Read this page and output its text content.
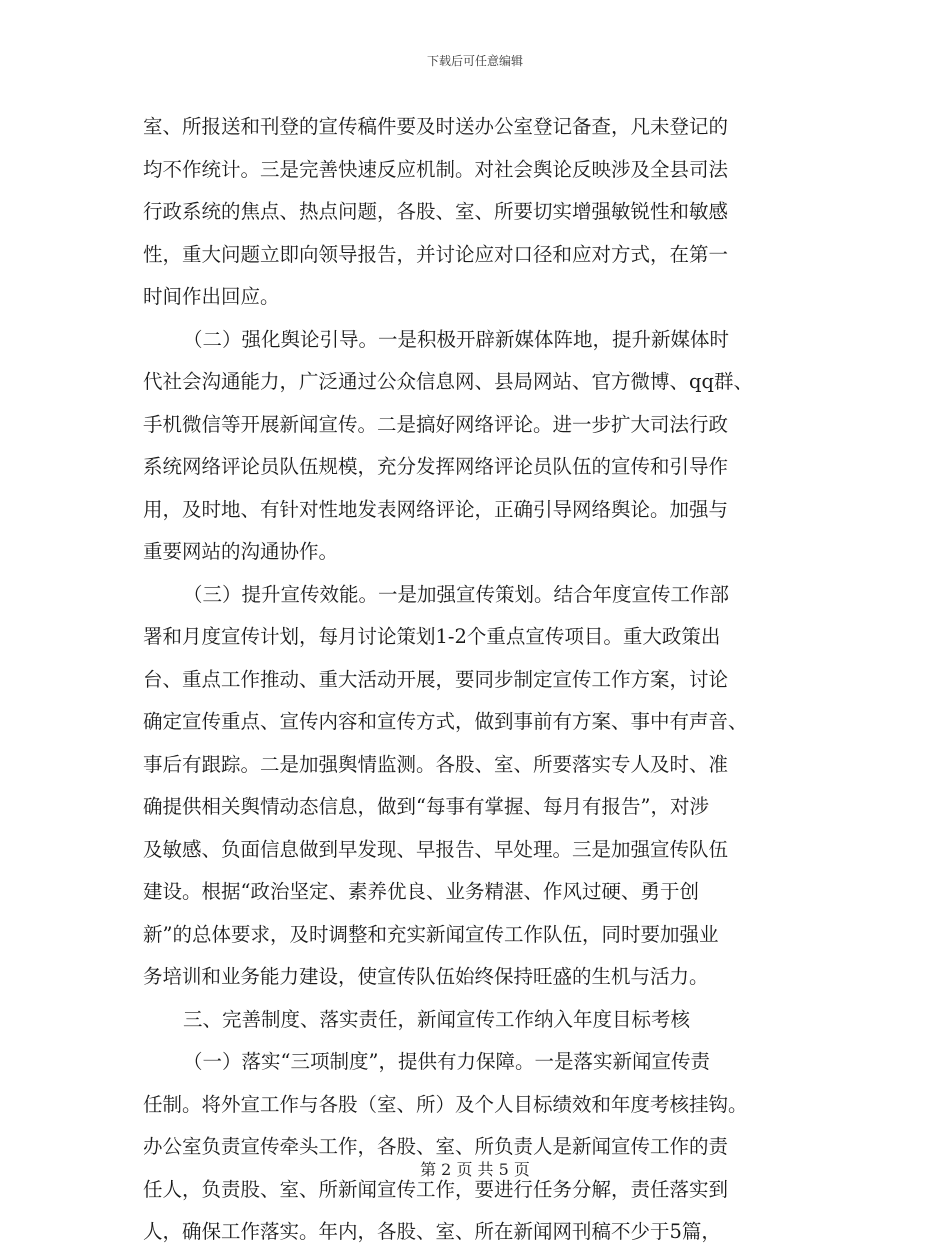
下载后可任意编辑
室、所报送和刊登的宣传稿件要及时送办公室登记备查，凡未登记的
均不作统计。三是完善快速反应机制。对社会舆论反映涉及全县司法
行政系统的焦点、热点问题，各股、室、所要切实增强敏锐性和敏感
性，重大问题立即向领导报告，并讨论应对口径和应对方式，在第一
时间作出回应。
（二）强化舆论引导。一是积极开辟新媒体阵地，提升新媒体时
代社会沟通能力，广泛通过公众信息网、县局网站、官方微博、qq群、
手机微信等开展新闻宣传。二是搞好网络评论。进一步扩大司法行政
系统网络评论员队伍规模，充分发挥网络评论员队伍的宣传和引导作
用，及时地、有针对性地发表网络评论，正确引导网络舆论。加强与
重要网站的沟通协作。
（三）提升宣传效能。一是加强宣传策划。结合年度宣传工作部
署和月度宣传计划，每月讨论策划1-2个重点宣传项目。重大政策出
台、重点工作推动、重大活动开展，要同步制定宣传工作方案，讨论
确定宣传重点、宣传内容和宣传方式，做到事前有方案、事中有声音、
事后有跟踪。二是加强舆情监测。各股、室、所要落实专人及时、准
确提供相关舆情动态信息，做到“每事有掌握、每月有报告”，对涉
及敏感、负面信息做到早发现、早报告、早处理。三是加强宣传队伍
建设。根据“政治坚定、素养优良、业务精湛、作风过硬、勇于创
新”的总体要求，及时调整和充实新闻宣传工作队伍，同时要加强业
务培训和业务能力建设，使宣传队伍始终保持旺盛的生机与活力。
三、完善制度、落实责任，新闻宣传工作纳入年度目标考核
（一）落实“三项制度”，提供有力保障。一是落实新闻宣传责
任制。将外宣工作与各股（室、所）及个人目标绩效和年度考核挂钩。
办公室负责宣传牵头工作，各股、室、所负责人是新闻宣传工作的责
任人，负责股、室、所新闻宣传工作，要进行任务分解，责任落实到
人，确保工作落实。年内，各股、室、所在新闻网刊稿不少于5篇，
第 2 页 共 5 页
